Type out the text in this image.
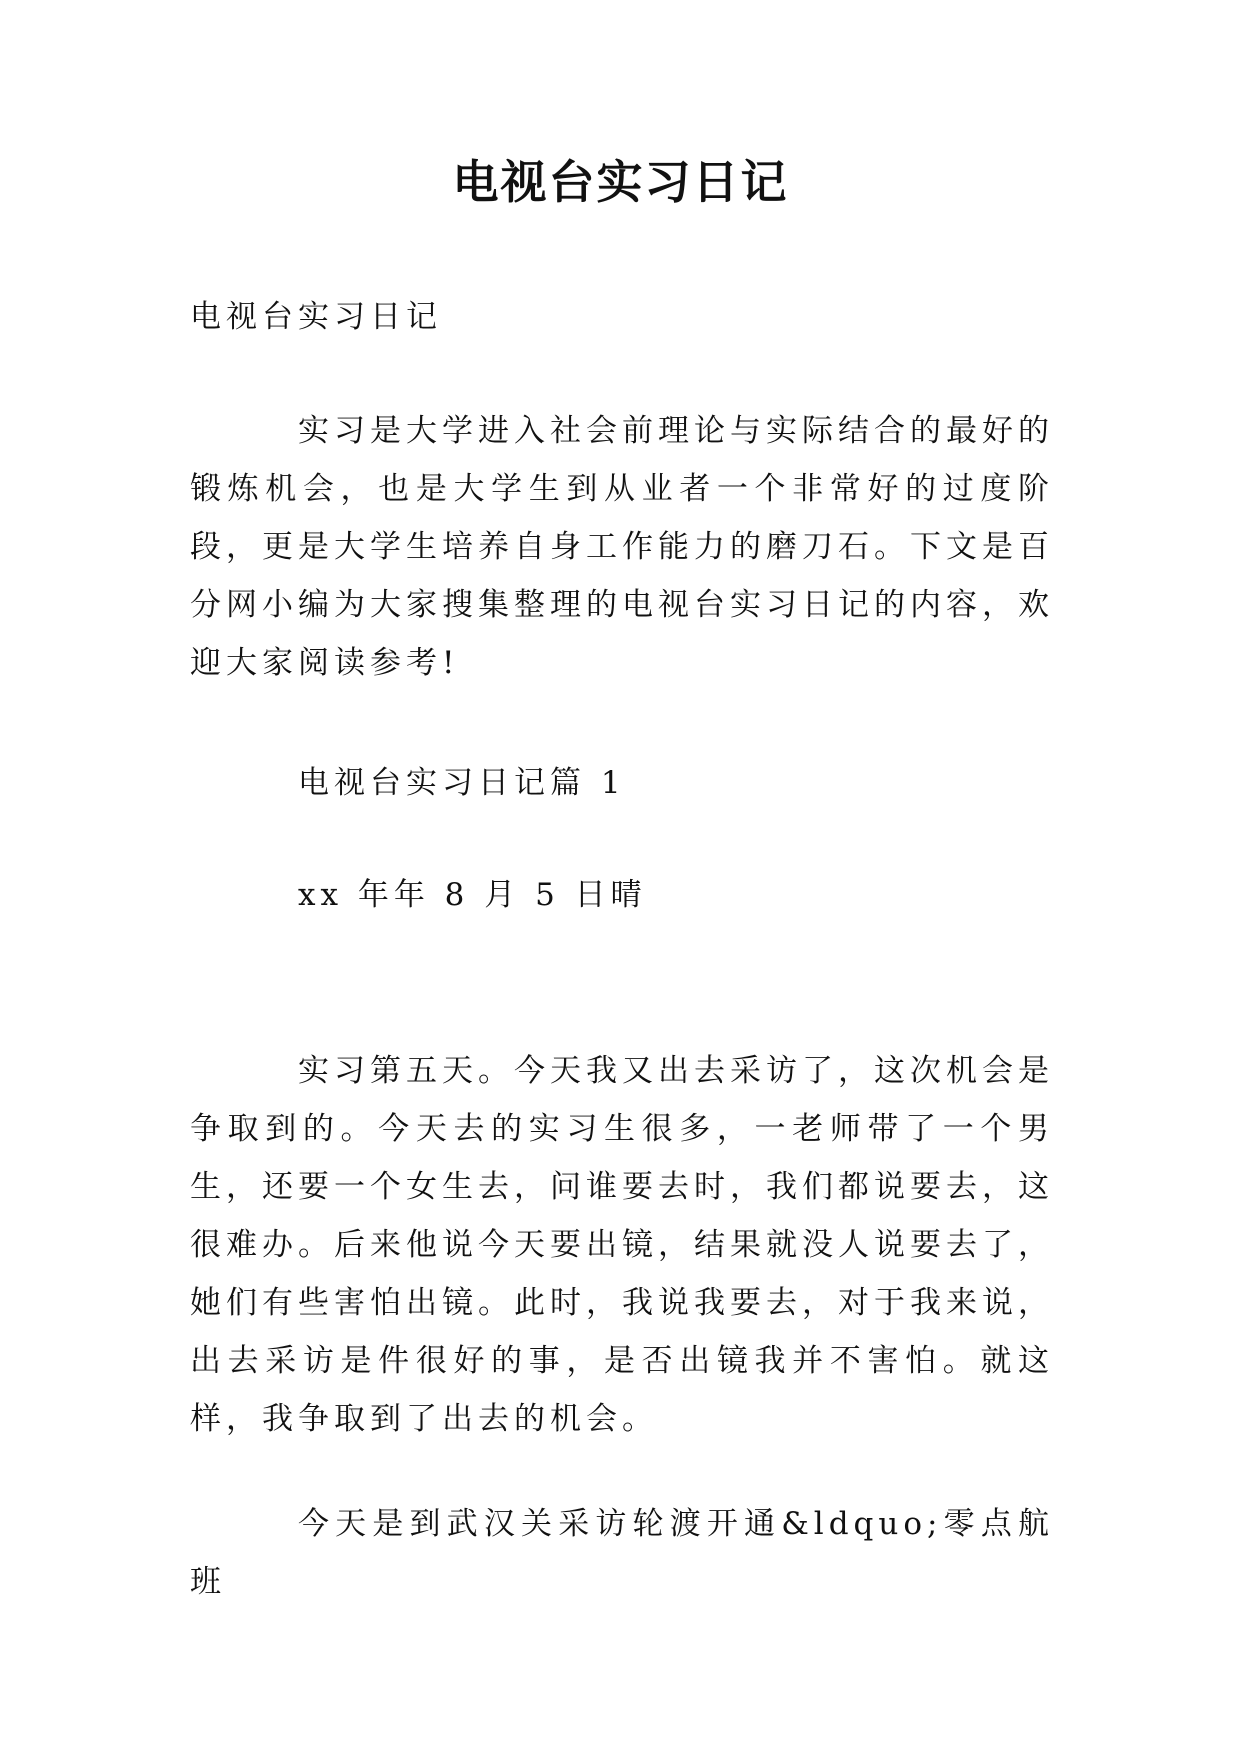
电视台实习日记
电视台实习日记
实习是大学进入社会前理论与实际结合的最好的锻炼机会，也是大学生到从业者一个非常好的过度阶段，更是大学生培养自身工作能力的磨刀石。下文是百分网小编为大家搜集整理的电视台实习日记的内容，欢迎大家阅读参考!
电视台实习日记篇 1
xx 年年 8 月 5 日晴
实习第五天。今天我又出去采访了，这次机会是争取到的。今天去的实习生很多，一老师带了一个男生，还要一个女生去，问谁要去时，我们都说要去，这很难办。后来他说今天要出镜，结果就没人说要去了，她们有些害怕出镜。此时，我说我要去，对于我来说，出去采访是件很好的事，是否出镜我并不害怕。就这样，我争取到了出去的机会。
今天是到武汉关采访轮渡开通&ldquo;零点航班
